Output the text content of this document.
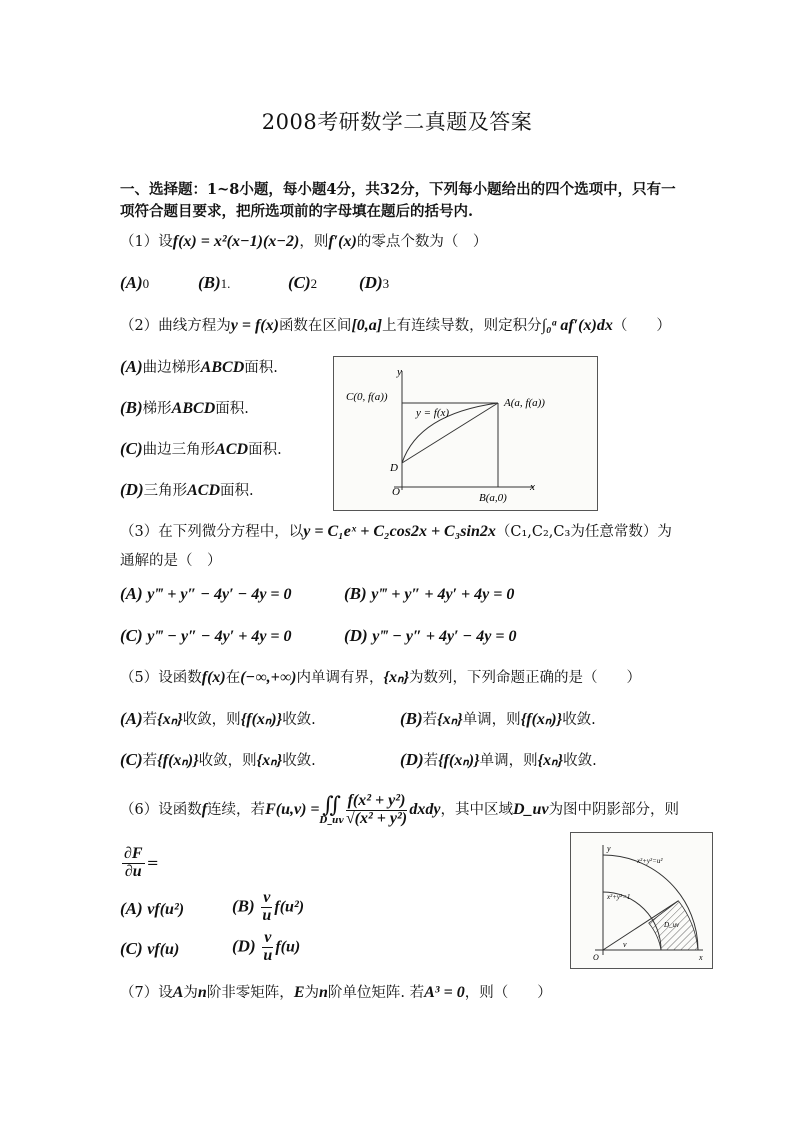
2008考研数学二真题及答案
一、选择题：1~8小题，每小题4分，共32分，下列每小题给出的四个选项中，只有一
项符合题目要求，把所选项前的字母填在题后的括号内.
（1）设f(x) = x²(x−1)(x−2)，则f′(x)的零点个数为（　）
(A)0	(B)1.	(C)2 (D)3
（2）曲线方程为y = f(x)函数在区间[0,a]上有连续导数，则定积分∫₀ᵃ af′(x)dx（　　）
(A)曲边梯形ABCD面积.
(B)梯形ABCD面积.
(C)曲边三角形ACD面积.
(D)三角形ACD面积.
y
x
C(0, f(a))	A(a, f(a))
y = f(x)
D
O	B(a,0)
（3）在下列微分方程中，以y = C₁eˣ + C₂cos2x + C₃sin2x（C₁,C₂,C₃为任意常数）为
通解的是（　）
(A) y‴ + y″ − 4y′ − 4y = 0	(B) y‴ + y″ + 4y′ + 4y = 0
(C) y‴ − y″ − 4y′ + 4y = 0	(D) y‴ − y″ + 4y′ − 4y = 0
（5）设函数f(x)在(−∞,+∞)内单调有界，{xₙ}为数列，下列命题正确的是（　　）
(A)若{xₙ}收敛，则{f(xₙ)}收敛.	(B)若{xₙ}单调，则{f(xₙ)}收敛.
(C)若{f(xₙ)}收敛，则{xₙ}收敛.	(D)若{f(xₙ)}单调，则{xₙ}收敛.
（6）设函数f连续，若F(u,v) = ∬
D_uv $\frac{\text{f(x² + y²)}}{\text{√(x² + y²)}}$ dxdy，其中区域D_uv为图中阴影部分，则
$\frac{\partial F}{\partial u}$ =
(A) vf(u²)	$(B) \frac{v}{u} f(u^2)$
(C) vf(u)	$(D) \frac{v}{u} f(u)$
y
x
x²+y²=u²
x²+y²=1
D_uv
v
O
（7）设A为n阶非零矩阵，E为n阶单位矩阵. 若A³ = 0，则（　　）
